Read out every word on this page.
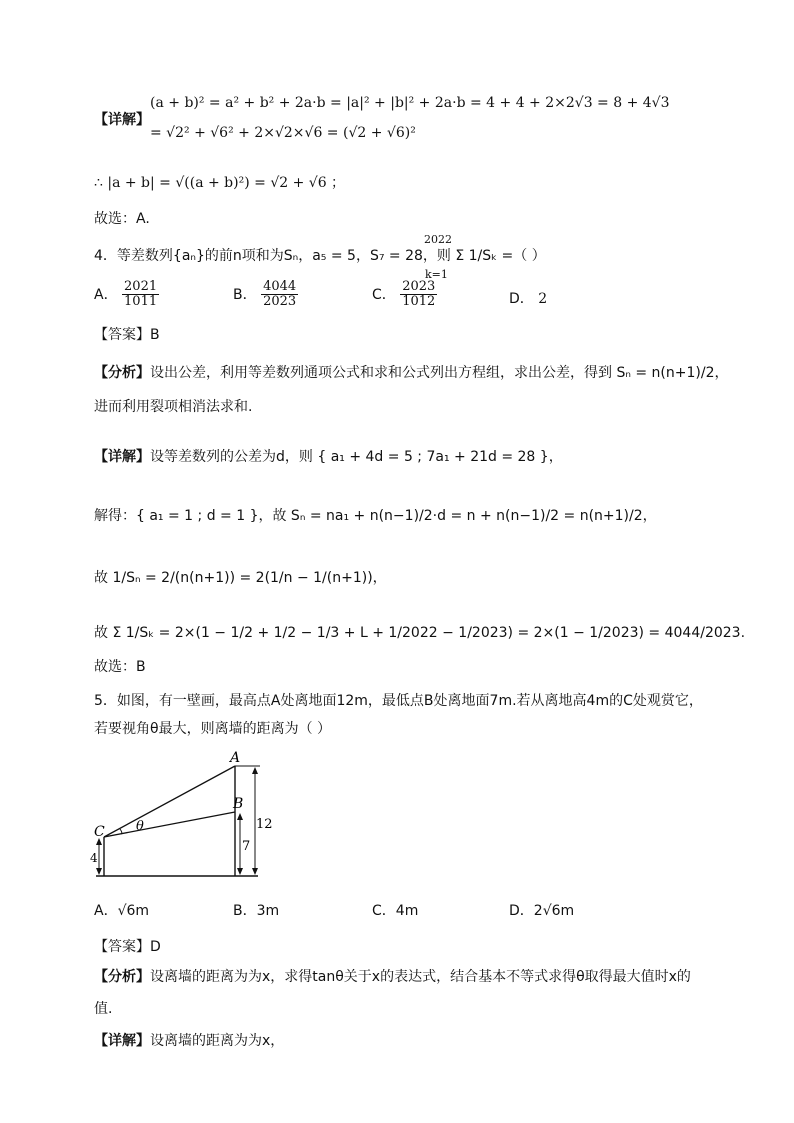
【详解】
(a + b)² = a² + b² + 2a·b = |a|² + |b|² + 2a·b = 4 + 4 + 2×2√3 = 8 + 4√3
= √2² + √6² + 2×√2×√6 = (√2 + √6)²
∴ |a + b| = √((a + b)²) = √2 + √6 ；
故选：A.
4．等差数列{aₙ}的前n项和为Sₙ，a₅ = 5，S₇ = 28，则 Σ 1/Sₖ =（ ）
2022
k=1
A． $\frac{2021}{1011}$	B． $\frac{4044}{2023}$	C． $\frac{2023}{1012}$	D． 2
【答案】B
【分析】设出公差，利用等差数列通项公式和求和公式列出方程组，求出公差，得到 Sₙ = n(n+1)/2，
进而利用裂项相消法求和.
【详解】设等差数列的公差为d，则 { a₁ + 4d = 5 ; 7a₁ + 21d = 28 }，
解得：{ a₁ = 1 ; d = 1 }，故 Sₙ = na₁ + n(n−1)/2·d = n + n(n−1)/2 = n(n+1)/2，
故 1/Sₙ = 2/(n(n+1)) = 2(1/n − 1/(n+1))，
故 Σ 1/Sₖ = 2×(1 − 1/2 + 1/2 − 1/3 + L + 1/2022 − 1/2023) = 2×(1 − 1/2023) = 4044/2023.
故选：B
5．如图，有一壁画，最高点A处离地面12m，最低点B处离地面7m.若从离地高4m的C处观赏它，
若要视角θ最大，则离墙的距离为（ ）
A
B
C θ	12
7
4
A．√6m	B．3m	C．4m	D．2√6m
【答案】D
【分析】设离墙的距离为为x，求得tanθ关于x的表达式，结合基本不等式求得θ取得最大值时x的
值.
【详解】设离墙的距离为为x，
